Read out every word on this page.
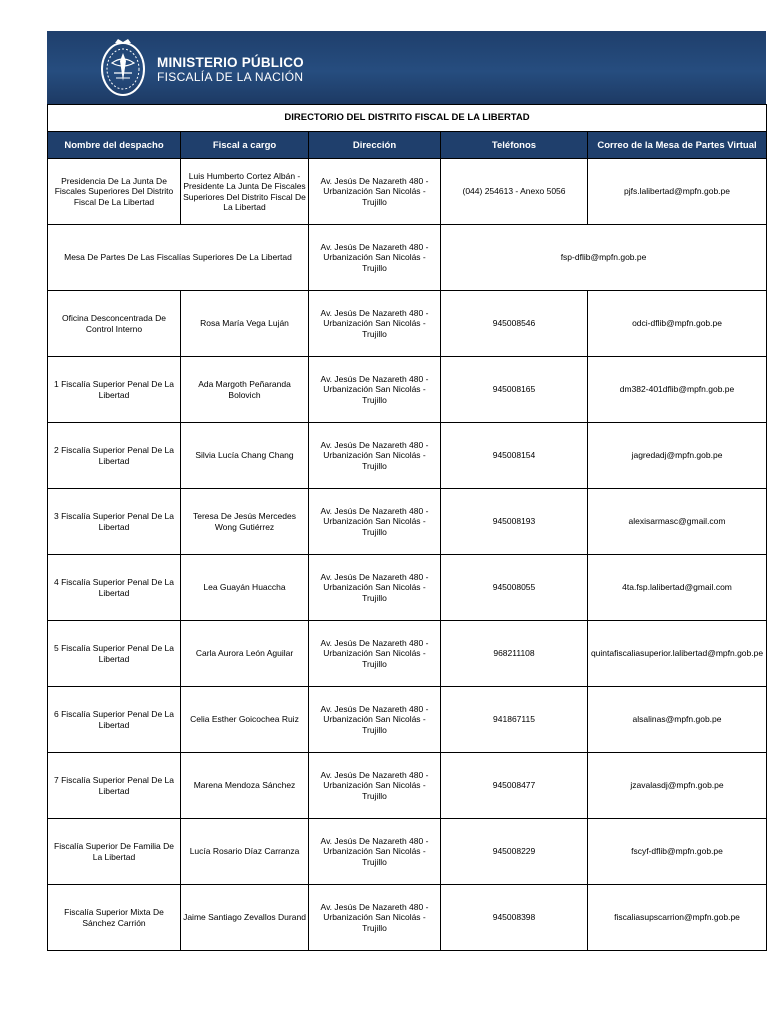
MINISTERIO PÚBLICO
FISCALÍA DE LA NACIÓN
DIRECTORIO DEL DISTRITO FISCAL DE LA LIBERTAD				
Nombre del despacho	Fiscal a cargo	Dirección	Teléfonos	Correo de la Mesa de Partes Virtual
Presidencia De La Junta De Fiscales Superiores Del Distrito Fiscal De La Libertad	Luis Humberto Cortez Albán - Presidente La Junta De Fiscales Superiores Del Distrito Fiscal De La Libertad	Av. Jesús De Nazareth 480 - Urbanización San Nicolás - Trujillo	(044) 254613 - Anexo 5056	pjfs.lalibertad@mpfn.gob.pe
Mesa De Partes De Las Fiscalías Superiores De La Libertad		Av. Jesús De Nazareth 480 - Urbanización San Nicolás - Trujillo	fsp-dflib@mpfn.gob.pe	
Oficina Desconcentrada De Control Interno	Rosa María Vega Luján	Av. Jesús De Nazareth 480 - Urbanización San Nicolás - Trujillo	945008546	odci-dflib@mpfn.gob.pe
1 Fiscalía Superior Penal De La Libertad	Ada Margoth Peñaranda Bolovich	Av. Jesús De Nazareth 480 - Urbanización San Nicolás - Trujillo	945008165	dm382-401dflib@mpfn.gob.pe
2 Fiscalía Superior Penal De La Libertad	Silvia Lucía Chang Chang	Av. Jesús De Nazareth 480 - Urbanización San Nicolás - Trujillo	945008154	jagredadj@mpfn.gob.pe
3 Fiscalía Superior Penal De La Libertad	Teresa De Jesús Mercedes Wong Gutiérrez	Av. Jesús De Nazareth 480 - Urbanización San Nicolás - Trujillo	945008193	alexisarmasc@gmail.com
4 Fiscalía Superior Penal De La Libertad	Lea Guayán Huaccha	Av. Jesús De Nazareth 480 - Urbanización San Nicolás - Trujillo	945008055	4ta.fsp.lalibertad@gmail.com
5 Fiscalía Superior Penal De La Libertad	Carla Aurora León Aguilar	Av. Jesús De Nazareth 480 - Urbanización San Nicolás - Trujillo	968211108	quintafiscaliasuperior.lalibertad@mpfn.gob.pe
6 Fiscalía Superior Penal De La Libertad	Celia Esther Goicochea Ruiz	Av. Jesús De Nazareth 480 - Urbanización San Nicolás - Trujillo	941867115	alsalinas@mpfn.gob.pe
7 Fiscalía Superior Penal De La Libertad	Marena Mendoza Sánchez	Av. Jesús De Nazareth 480 - Urbanización San Nicolás - Trujillo	945008477	jzavalasdj@mpfn.gob.pe
Fiscalía Superior De Familia De La Libertad	Lucía Rosario Díaz Carranza	Av. Jesús De Nazareth 480 - Urbanización San Nicolás - Trujillo	945008229	fscyf-dflib@mpfn.gob.pe
Fiscalía Superior Mixta De Sánchez Carrión	Jaime Santiago Zevallos Durand	Av. Jesús De Nazareth 480 - Urbanización San Nicolás - Trujillo	945008398	fiscaliasupscarrion@mpfn.gob.pe
